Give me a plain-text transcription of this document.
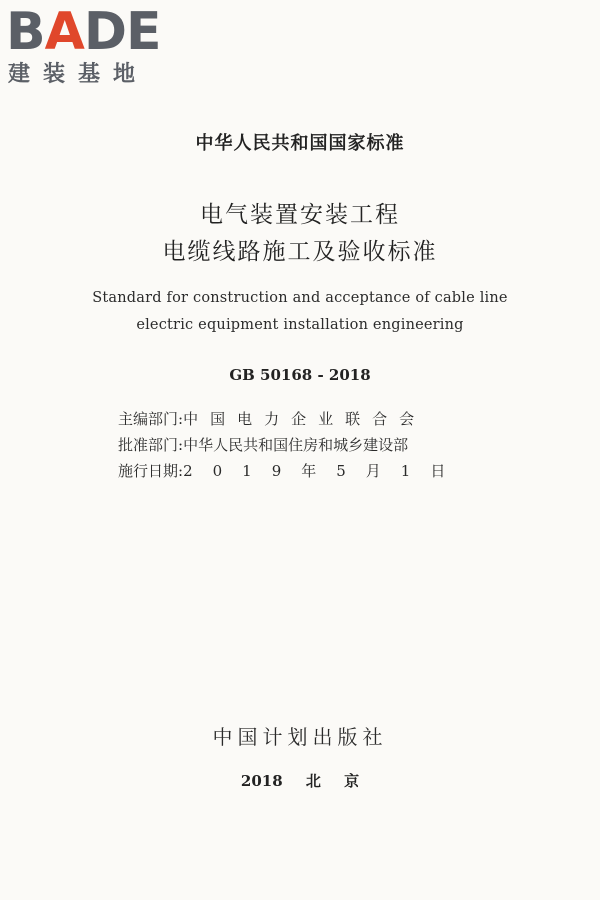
BADE
建装基地
中华人民共和国国家标准
电气装置安装工程
电缆线路施工及验收标准
Standard for construction and acceptance of cable line
electric equipment installation engineering
GB 50168 - 2018
主编部门:中国电力企业联合会
批准部门:中华人民共和国住房和城乡建设部
施行日期:2019年5月1日
中国计划出版社
2018 北 京
